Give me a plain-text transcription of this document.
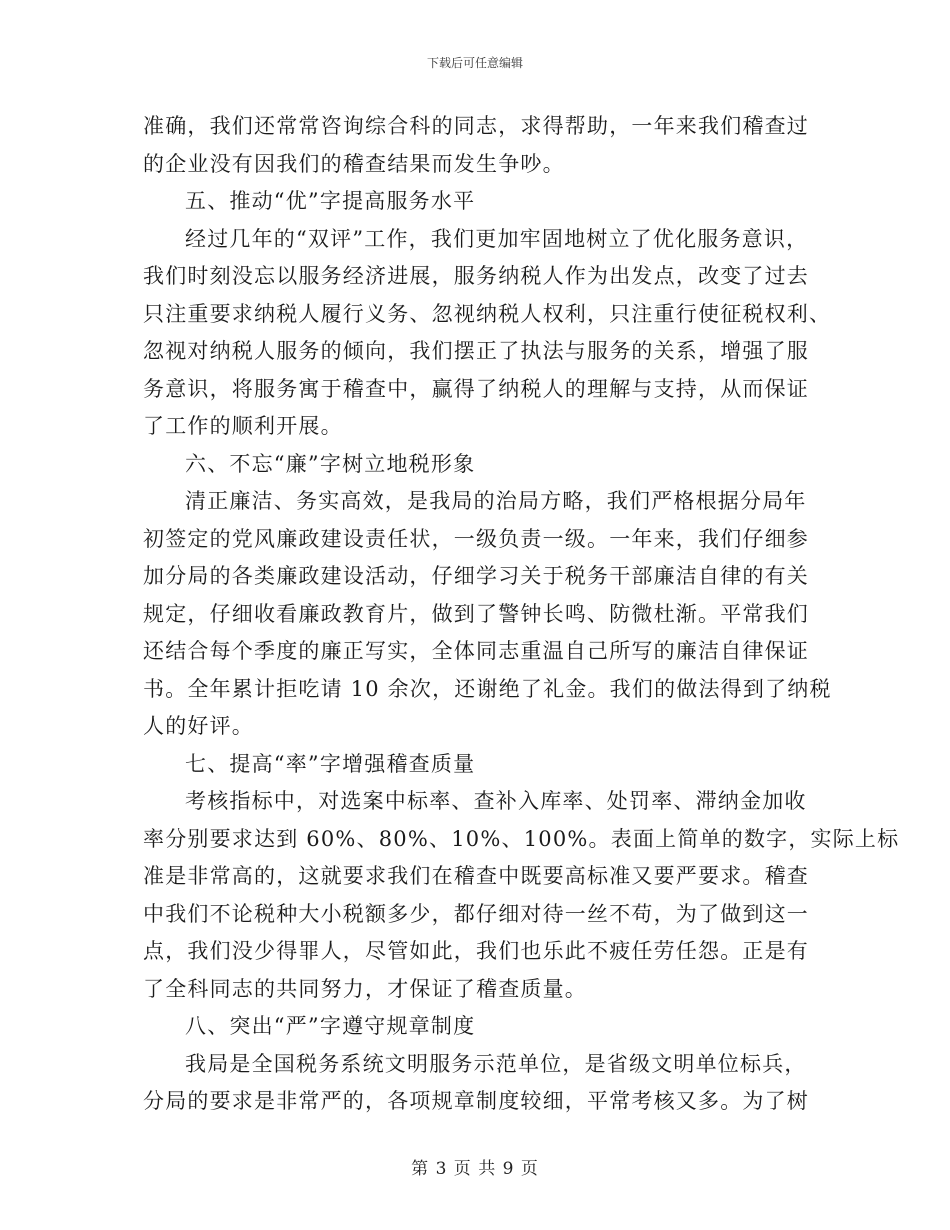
下载后可任意编辑
准确，我们还常常咨询综合科的同志，求得帮助，一年来我们稽查过
的企业没有因我们的稽查结果而发生争吵。
五、推动“优”字提高服务水平
经过几年的“双评”工作，我们更加牢固地树立了优化服务意识，
我们时刻没忘以服务经济进展，服务纳税人作为出发点，改变了过去
只注重要求纳税人履行义务、忽视纳税人权利，只注重行使征税权利、
忽视对纳税人服务的倾向，我们摆正了执法与服务的关系，增强了服
务意识，将服务寓于稽查中，赢得了纳税人的理解与支持，从而保证
了工作的顺利开展。
六、不忘“廉”字树立地税形象
清正廉洁、务实高效，是我局的治局方略，我们严格根据分局年
初签定的党风廉政建设责任状，一级负责一级。一年来，我们仔细参
加分局的各类廉政建设活动，仔细学习关于税务干部廉洁自律的有关
规定，仔细收看廉政教育片，做到了警钟长鸣、防微杜渐。平常我们
还结合每个季度的廉正写实，全体同志重温自己所写的廉洁自律保证
书。全年累计拒吃请 10 余次，还谢绝了礼金。我们的做法得到了纳税
人的好评。
七、提高“率”字增强稽查质量
考核指标中，对选案中标率、查补入库率、处罚率、滞纳金加收
率分别要求达到 60%、80%、10%、100%。表面上简单的数字，实际上标
准是非常高的，这就要求我们在稽查中既要高标准又要严要求。稽查
中我们不论税种大小税额多少，都仔细对待一丝不苟，为了做到这一
点，我们没少得罪人，尽管如此，我们也乐此不疲任劳任怨。正是有
了全科同志的共同努力，才保证了稽查质量。
八、突出“严”字遵守规章制度
我局是全国税务系统文明服务示范单位，是省级文明单位标兵，
分局的要求是非常严的，各项规章制度较细，平常考核又多。为了树
第 3 页 共 9 页
